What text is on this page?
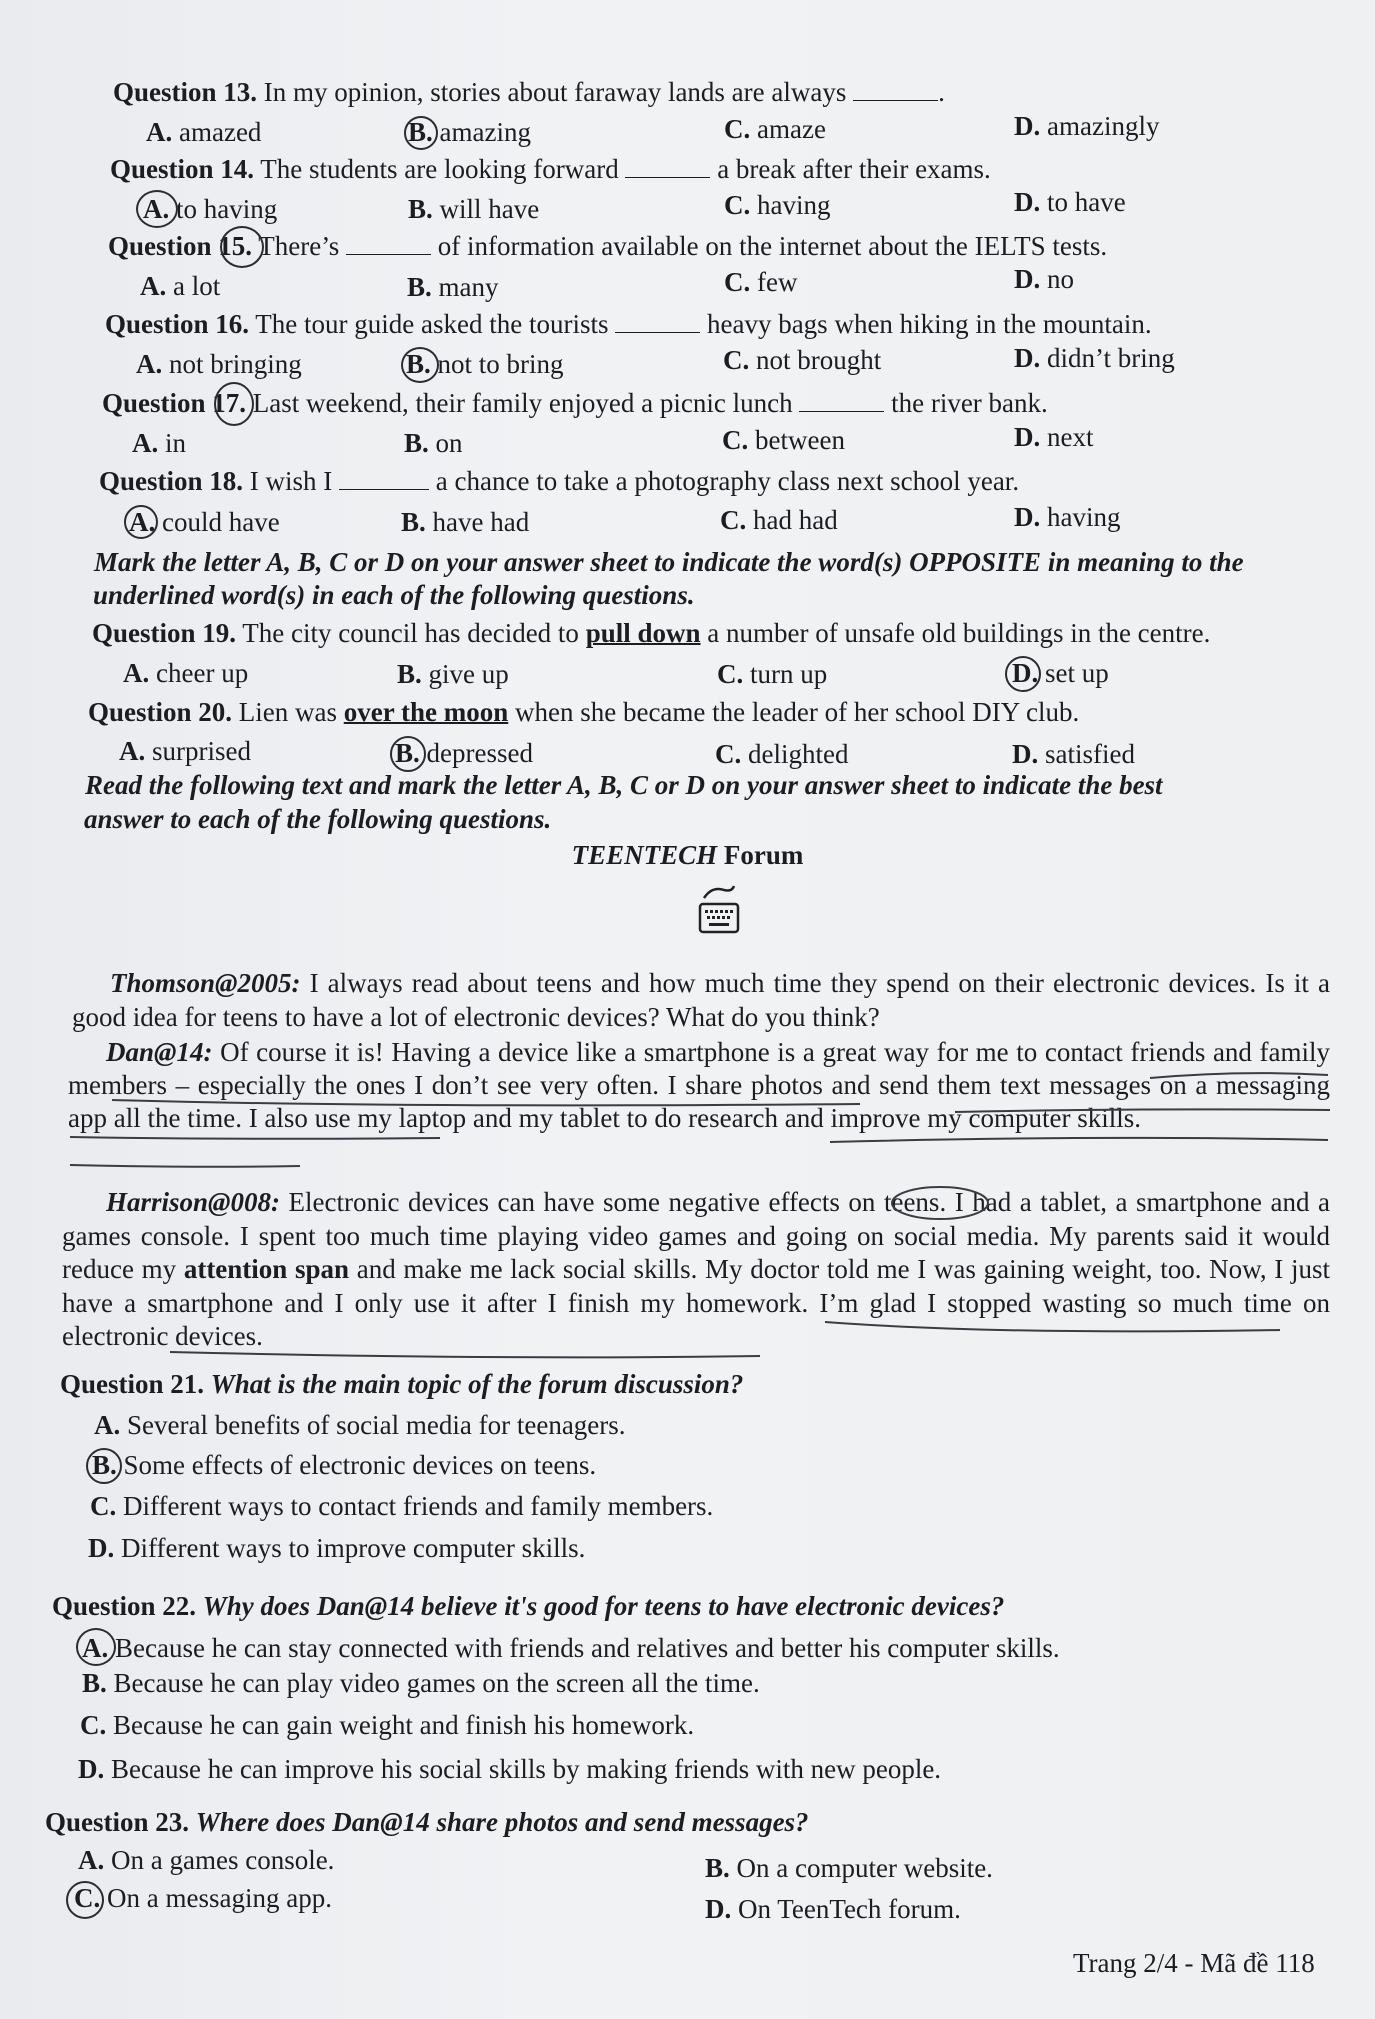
Question 13. In my opinion, stories about faraway lands are always	.
A. amazed	B. amazing	C. amaze	D. amazingly
Question 14. The students are looking forward	a break after their exams.
A. to having	B. will have	C. having	D. to have
Question 15. There’s	of information available on the internet about the IELTS tests.
A. a lot	B. many	C. few	D. no
Question 16. The tour guide asked the tourists	heavy bags when hiking in the mountain.
A. not bringing	B. not to bring	C. not brought	D. didn’t bring
Question 17. Last weekend, their family enjoyed a picnic lunch	the river bank.
A. in	B. on	C. between	D. next
Question 18. I wish I	a chance to take a photography class next school year.
A. could have	B. have had	C. had had	D. having
Mark the letter A, B, C or D on your answer sheet to indicate the word(s) OPPOSITE in meaning to the
underlined word(s) in each of the following questions.
Question 19. The city council has decided to pull down a number of unsafe old buildings in the centre.
A. cheer up	B. give up	C. turn up	D. set up
Question 20. Lien was over the moon when she became the leader of her school DIY club.
A. surprised	B. depressed	C. delighted	D. satisfied
Read the following text and mark the letter A, B, C or D on your answer sheet to indicate the best
answer to each of the following questions.
TEENTECH Forum
Thomson@2005: I always read about teens and how much time they spend on their electronic devices. Is it a good idea for teens to have a lot of electronic devices? What do you think?
Dan@14: Of course it is! Having a device like a smartphone is a great way for me to contact friends and family members – especially the ones I don’t see very often. I share photos and send them text messages on a messaging app all the time. I also use my laptop and my tablet to do research and improve my computer skills.
Harrison@008: Electronic devices can have some negative effects on teens. I had a tablet, a smartphone and a games console. I spent too much time playing video games and going on social media. My parents said it would reduce my attention span and make me lack social skills. My doctor told me I was gaining weight, too. Now, I just have a smartphone and I only use it after I finish my homework. I’m glad I stopped wasting so much time on electronic devices.
Question 21. What is the main topic of the forum discussion?
A. Several benefits of social media for teenagers.
B. Some effects of electronic devices on teens.
C. Different ways to contact friends and family members.
D. Different ways to improve computer skills.
Question 22. Why does Dan@14 believe it's good for teens to have electronic devices?
A. Because he can stay connected with friends and relatives and better his computer skills.
B. Because he can play video games on the screen all the time.
C. Because he can gain weight and finish his homework.
D. Because he can improve his social skills by making friends with new people.
Question 23. Where does Dan@14 share photos and send messages?
A. On a games console.	B. On a computer website.
C. On a messaging app.	D. On TeenTech forum.
Trang 2/4 - Mã đề 118
